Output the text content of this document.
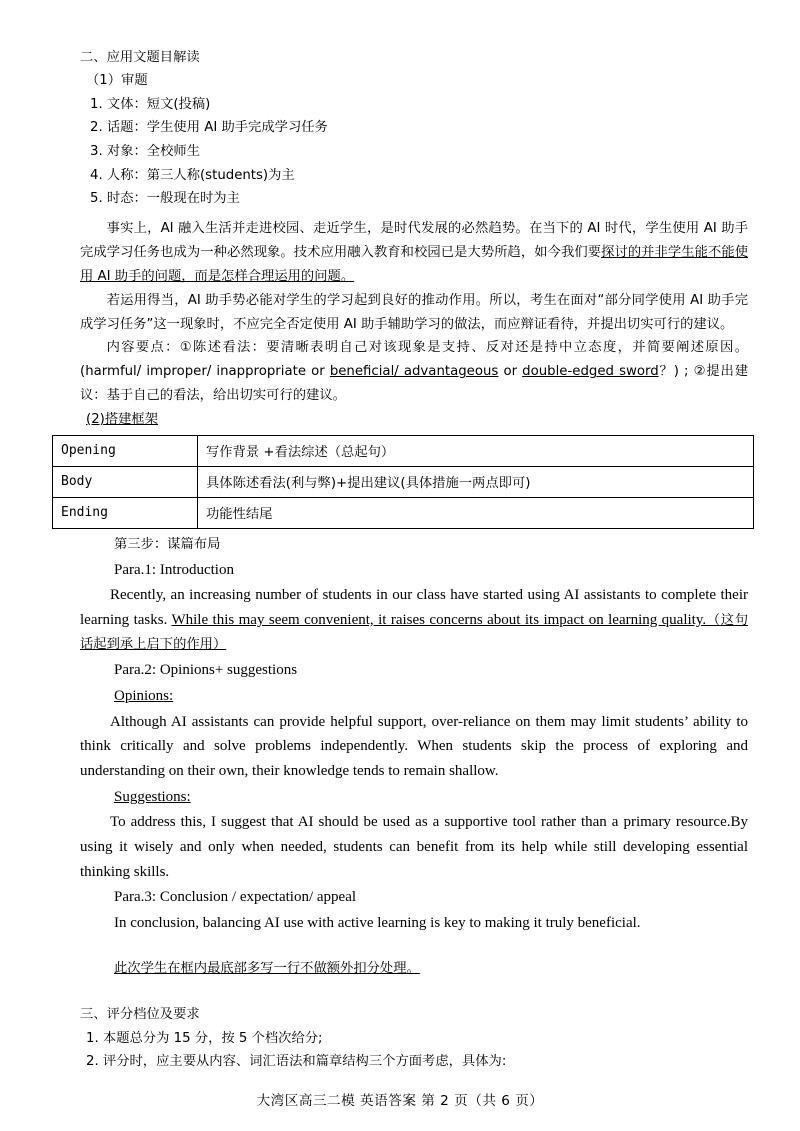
二、应用文题目解读
（1）审题
1. 文体：短文(投稿)
2. 话题：学生使用 AI 助手完成学习任务
3. 对象：全校师生
4. 人称：第三人称(students)为主
5. 时态：一般现在时为主
事实上，AI 融入生活并走进校园、走近学生，是时代发展的必然趋势。在当下的 AI 时代，学生使用 AI 助手完成学习任务也成为一种必然现象。技术应用融入教育和校园已是大势所趋，如今我们要探讨的并非学生能不能使用 AI 助手的问题，而是怎样合理运用的问题。
若运用得当，AI 助手势必能对学生的学习起到良好的推动作用。所以，考生在面对“部分同学使用 AI 助手完成学习任务”这一现象时，不应完全否定使用 AI 助手辅助学习的做法，而应辩证看待，并提出切实可行的建议。
内容要点：①陈述看法：要清晰表明自己对该现象是支持、反对还是持中立态度，并简要阐述原因。(harmful/ improper/ inappropriate or beneficial/ advantageous or double-edged sword？) ; ②提出建议：基于自己的看法，给出切实可行的建议。
(2)搭建框架
Opening	写作背景 +看法综述（总起句）
Body	具体陈述看法(利与弊)+提出建议(具体措施一两点即可)
Ending	功能性结尾
第三步：谋篇布局
Para.1: Introduction
Recently, an increasing number of students in our class have started using AI assistants to complete their learning tasks. While this may seem convenient, it raises concerns about its impact on learning quality.（这句话起到承上启下的作用）
Para.2: Opinions+ suggestions
Opinions:
Although AI assistants can provide helpful support, over-reliance on them may limit students’ ability to think critically and solve problems independently. When students skip the process of exploring and understanding on their own, their knowledge tends to remain shallow.
Suggestions:
To address this, I suggest that AI should be used as a supportive tool rather than a primary resource.By using it wisely and only when needed, students can benefit from its help while still developing essential thinking skills.
Para.3: Conclusion / expectation/ appeal
In conclusion, balancing AI use with active learning is key to making it truly beneficial.
此次学生在框内最底部多写一行不做额外扣分处理。
三、评分档位及要求
1. 本题总分为 15 分，按 5 个档次给分;
2. 评分时，应主要从内容、词汇语法和篇章结构三个方面考虑，具体为:
大湾区高三二模 英语答案 第 2 页（共 6 页）
